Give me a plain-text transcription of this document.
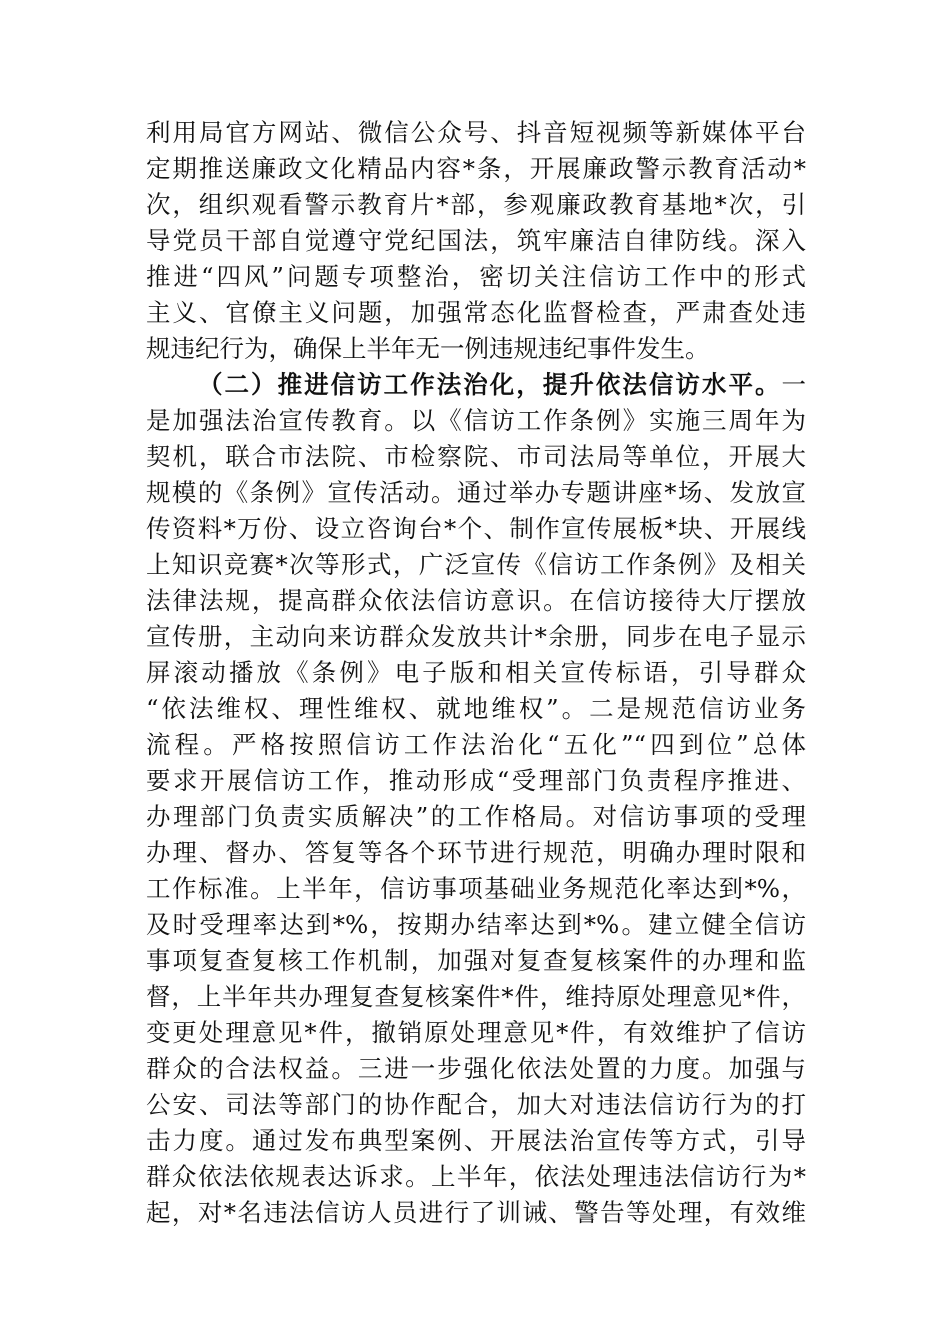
利用局官方网站、微信公众号、抖音短视频等新媒体平台
定期推送廉政文化精品内容*条，开展廉政警示教育活动*
次，组织观看警示教育片*部，参观廉政教育基地*次，引
导党员干部自觉遵守党纪国法，筑牢廉洁自律防线。深入
推进“四风”问题专项整治，密切关注信访工作中的形式
主义、官僚主义问题，加强常态化监督检查，严肃查处违
规违纪行为，确保上半年无一例违规违纪事件发生。
（二）推进信访工作法治化，提升依法信访水平。一
是加强法治宣传教育。以《信访工作条例》实施三周年为
契机，联合市法院、市检察院、市司法局等单位，开展大
规模的《条例》宣传活动。通过举办专题讲座*场、发放宣
传资料*万份、设立咨询台*个、制作宣传展板*块、开展线
上知识竞赛*次等形式，广泛宣传《信访工作条例》及相关
法律法规，提高群众依法信访意识。在信访接待大厅摆放
宣传册，主动向来访群众发放共计*余册，同步在电子显示
屏滚动播放《条例》电子版和相关宣传标语，引导群众
“依法维权、理性维权、就地维权”。二是规范信访业务
流程。严格按照信访工作法治化“五化”“四到位”总体
要求开展信访工作，推动形成“受理部门负责程序推进、
办理部门负责实质解决”的工作格局。对信访事项的受理
办理、督办、答复等各个环节进行规范，明确办理时限和
工作标准。上半年，信访事项基础业务规范化率达到*%，
及时受理率达到*%，按期办结率达到*%。建立健全信访
事项复查复核工作机制，加强对复查复核案件的办理和监
督，上半年共办理复查复核案件*件，维持原处理意见*件，
变更处理意见*件，撤销原处理意见*件，有效维护了信访
群众的合法权益。三进一步强化依法处置的力度。加强与
公安、司法等部门的协作配合，加大对违法信访行为的打
击力度。通过发布典型案例、开展法治宣传等方式，引导
群众依法依规表达诉求。上半年，依法处理违法信访行为*
起，对*名违法信访人员进行了训诫、警告等处理，有效维
